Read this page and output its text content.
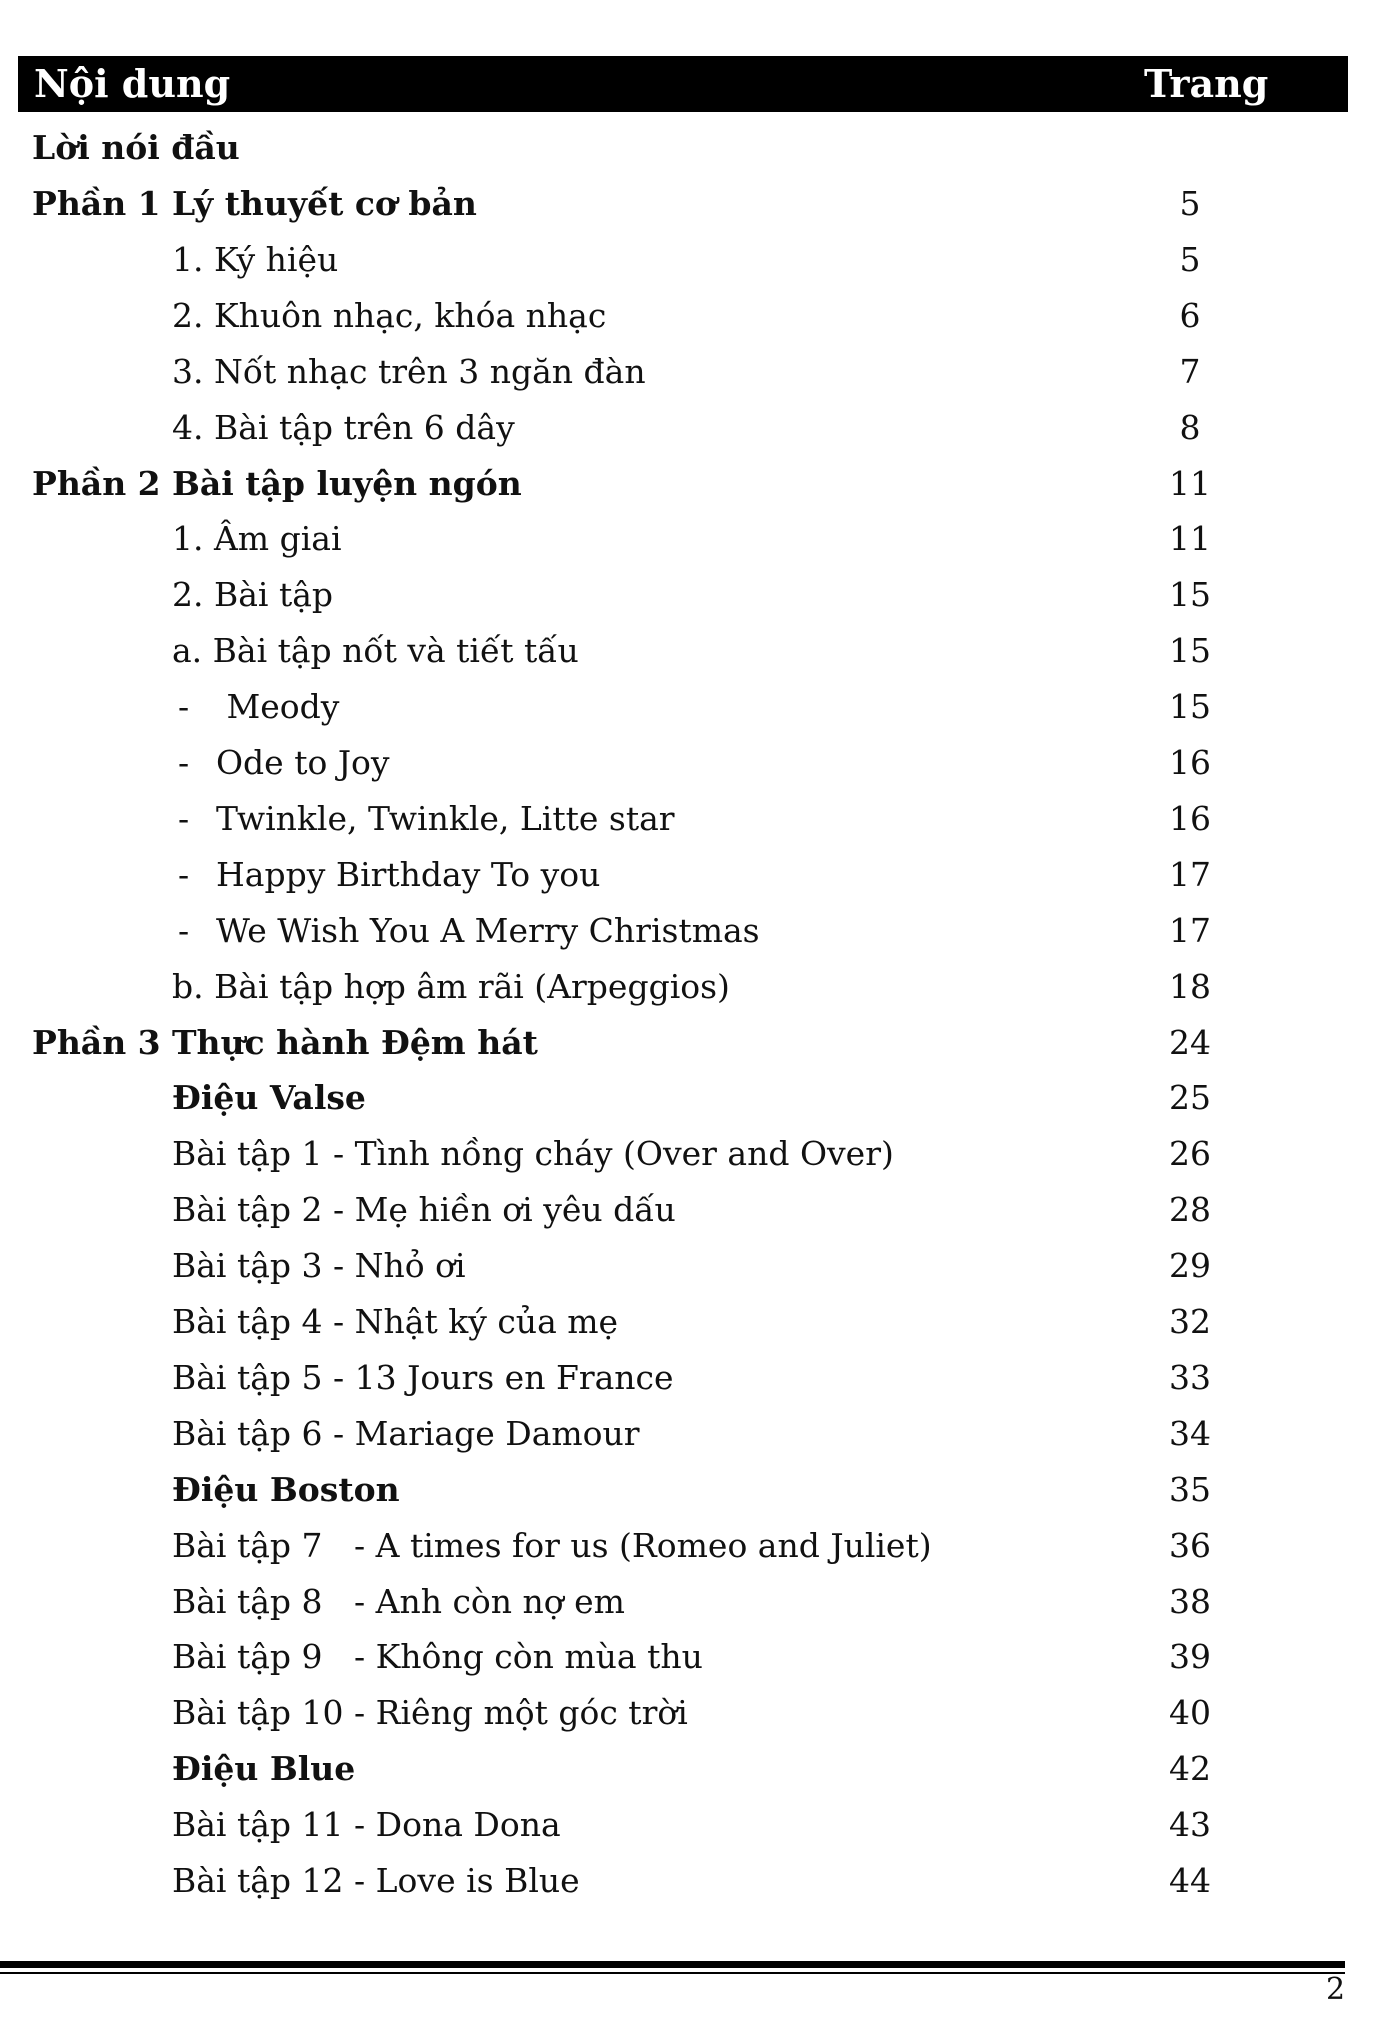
Nội dung	Trang
Lời nói đầu
Phần 1 Lý thuyết cơ bản	5
1. Ký hiệu	5
2. Khuôn nhạc, khóa nhạc	6
3. Nốt nhạc trên 3 ngăn đàn	7
4. Bài tập trên 6 dây	8
Phần 2 Bài tập luyện ngón	11
1. Âm giai	11
2. Bài tập	15
a. Bài tập nốt và tiết tấu	15
- Meody	15
- Ode to Joy	16
- Twinkle, Twinkle, Litte star	16
- Happy Birthday To you	17
- We Wish You A Merry Christmas	17
b. Bài tập hợp âm rãi (Arpeggios)	18
Phần 3 Thực hành Đệm hát	24
Điệu Valse	25
Bài tập 1 - Tình nồng cháy (Over and Over)	26
Bài tập 2 - Mẹ hiền ơi yêu dấu	28
Bài tập 3 - Nhỏ ơi	29
Bài tập 4 - Nhật ký của mẹ	32
Bài tập 5 - 13 Jours en France	33
Bài tập 6 - Mariage Damour	34
Điệu Boston	35
Bài tập 7   - A times for us (Romeo and Juliet)	36
Bài tập 8   - Anh còn nợ em	38
Bài tập 9   - Không còn mùa thu	39
Bài tập 10 - Riêng một góc trời	40
Điệu Blue	42
Bài tập 11 - Dona Dona	43
Bài tập 12 - Love is Blue	44
2
